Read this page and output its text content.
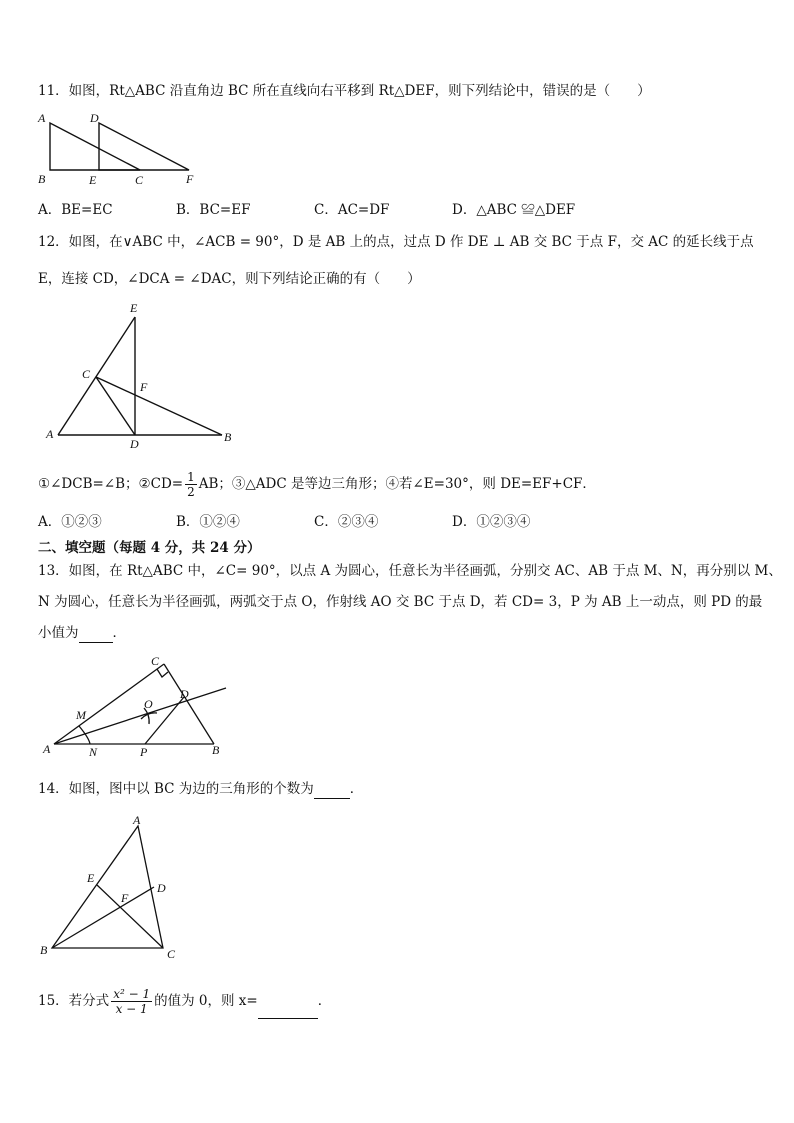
11．如图，Rt△ABC 沿直角边 BC 所在直线向右平移到 Rt△DEF，则下列结论中，错误的是（　　）
A	D
B	E	C	F
A．BE=EC	B．BC=EF	C．AC=DF	D．△ABC ≌△DEF
12．如图，在∨ABC 中，∠ACB = 90°，D 是 AB 上的点，过点 D 作 DE ⊥ AB 交 BC 于点 F，交 AC 的延长线于点
E，连接 CD，∠DCA = ∠DAC，则下列结论正确的有（　　）
E
C
F
A
D	B
①∠DCB=∠B；②CD= $\frac{1}{2}$ AB；③△ADC 是等边三角形；④若∠E=30°，则 DE=EF+CF．
A．①②③	B．①②④	C．②③④	D．①②③④
二、填空题（每题 4 分，共 24 分）
13．如图，在 Rt△ABC 中，∠C= 90°，以点 A 为圆心，任意长为半径画弧，分别交 AC、AB 于点 M、N，再分别以 M、
N 为圆心，任意长为半径画弧，两弧交于点 O，作射线 AO 交 BC 于点 D，若 CD= 3，P 为 AB 上一动点，则 PD 的最
小值为	．
C
D
M
O
A	N	P	B
14．如图，图中以 BC 为边的三角形的个数为	．
A
E
D
F
B	C
15．若分式 $\frac{\text{x² − 1}}{x - 1}$ 的值为 0，则 x=	．
